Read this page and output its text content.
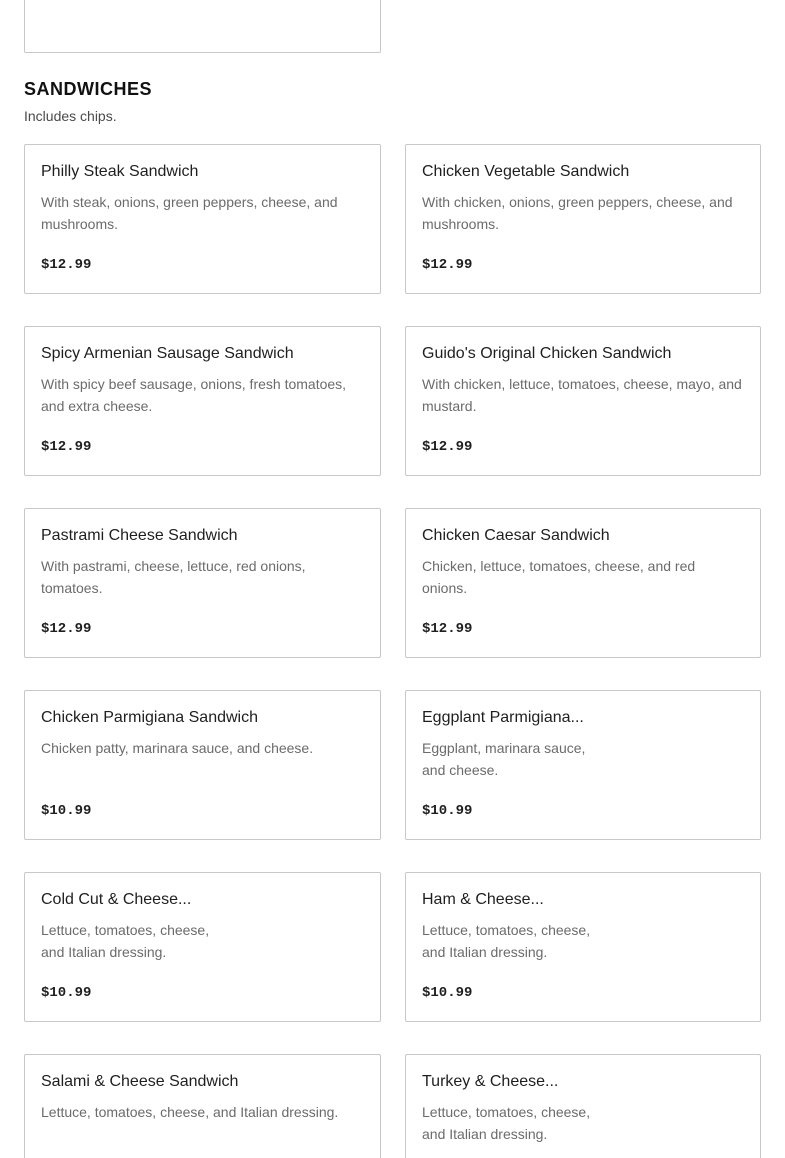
SANDWICHES
Includes chips.
Philly Steak Sandwich
With steak, onions, green peppers, cheese, and mushrooms.
$12.99
Chicken Vegetable Sandwich
With chicken, onions, green peppers, cheese, and mushrooms.
$12.99
Spicy Armenian Sausage Sandwich
With spicy beef sausage, onions, fresh tomatoes, and extra cheese.
$12.99
Guido's Original Chicken Sandwich
With chicken, lettuce, tomatoes, cheese, mayo, and mustard.
$12.99
Pastrami Cheese Sandwich
With pastrami, cheese, lettuce, red onions, tomatoes.
$12.99
Chicken Caesar Sandwich
Chicken, lettuce, tomatoes, cheese, and red onions.
$12.99
Chicken Parmigiana Sandwich
Chicken patty, marinara sauce, and cheese.
$10.99
Eggplant Parmigiana...
Eggplant, marinara sauce, and cheese.
$10.99
Cold Cut & Cheese...
Lettuce, tomatoes, cheese, and Italian dressing.
$10.99
Ham & Cheese...
Lettuce, tomatoes, cheese, and Italian dressing.
$10.99
Salami & Cheese Sandwich
Lettuce, tomatoes, cheese, and Italian dressing.
Turkey & Cheese...
Lettuce, tomatoes, cheese, and Italian dressing.
